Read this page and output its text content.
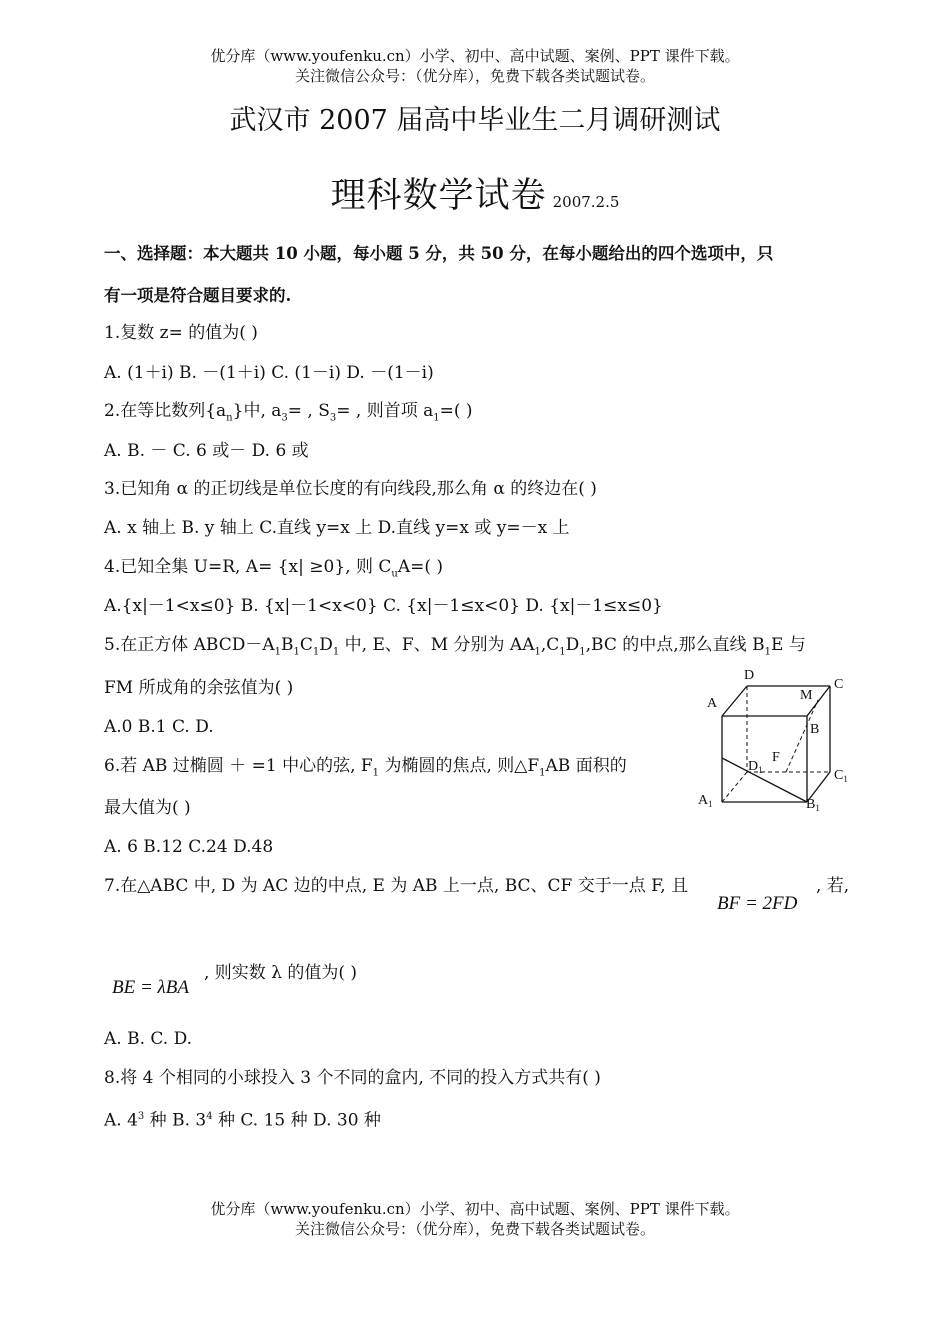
优分库（www.youfenku.cn）小学、初中、高中试题、案例、PPT 课件下载。
关注微信公众号：（优分库），免费下载各类试题试卷。
武汉市 2007 届高中毕业生二月调研测试
理科数学试卷 2007.2.5
一、选择题：本大题共 10 小题，每小题 5 分，共 50 分，在每小题给出的四个选项中，只
有一项是符合题目要求的.
1.复数 z= 的值为( )
A. (1＋i) B. －(1＋i) C. (1－i) D. －(1－i)
2.在等比数列$\{a_n\}$中, $a_3=$ , $S_3=$ , 则首项 $a_1=$( )
A. B. － C. 6 或－ D. 6 或
3.已知角 α 的正切线是单位长度的有向线段,那么角 α 的终边在( )
A. x 轴上 B. y 轴上 C.直线 y=x 上 D.直线 y=x 或 y=－x 上
4.已知全集 U=R, A= {x| ≥0}, 则 $C_uA=$( )
A.{x|－1<x≤0} B. {x|－1<x<0} C. {x|－1≤x<0} D. {x|－1≤x≤0}
5.在正方体 $ABCD-A_1B_1C_1D_1$ 中, E、F、M 分别为 $AA_1,C_1D_1,BC$ 的中点,那么直线 $B_1E$ 与
FM 所成角的余弦值为( )
A.0 B.1 C. D.
D
C
M
A
B
F
$D_1$	$C_1$
$A_1$	$B_1$
6.若 AB 过椭圆 ＋ =1 中心的弦, $F_1$ 为椭圆的焦点, 则$\triangle F_1AB$ 面积的
最大值为( )
A. 6 B.12 C.24 D.48
7.在△ABC 中, D 为 AC 边的中点, E 为 AB 上一点, BC、CF 交于一点 F, 且
BF = 2FD
, 若,
BE = λBA
, 则实数 λ 的值为( )
A. B. C. D.
8.将 4 个相同的小球投入 3 个不同的盒内, 不同的投入方式共有( )
A. $4^3$ 种 B. $3^4$ 种 C. 15 种 D. 30 种
优分库（www.youfenku.cn）小学、初中、高中试题、案例、PPT 课件下载。
关注微信公众号：（优分库），免费下载各类试题试卷。
